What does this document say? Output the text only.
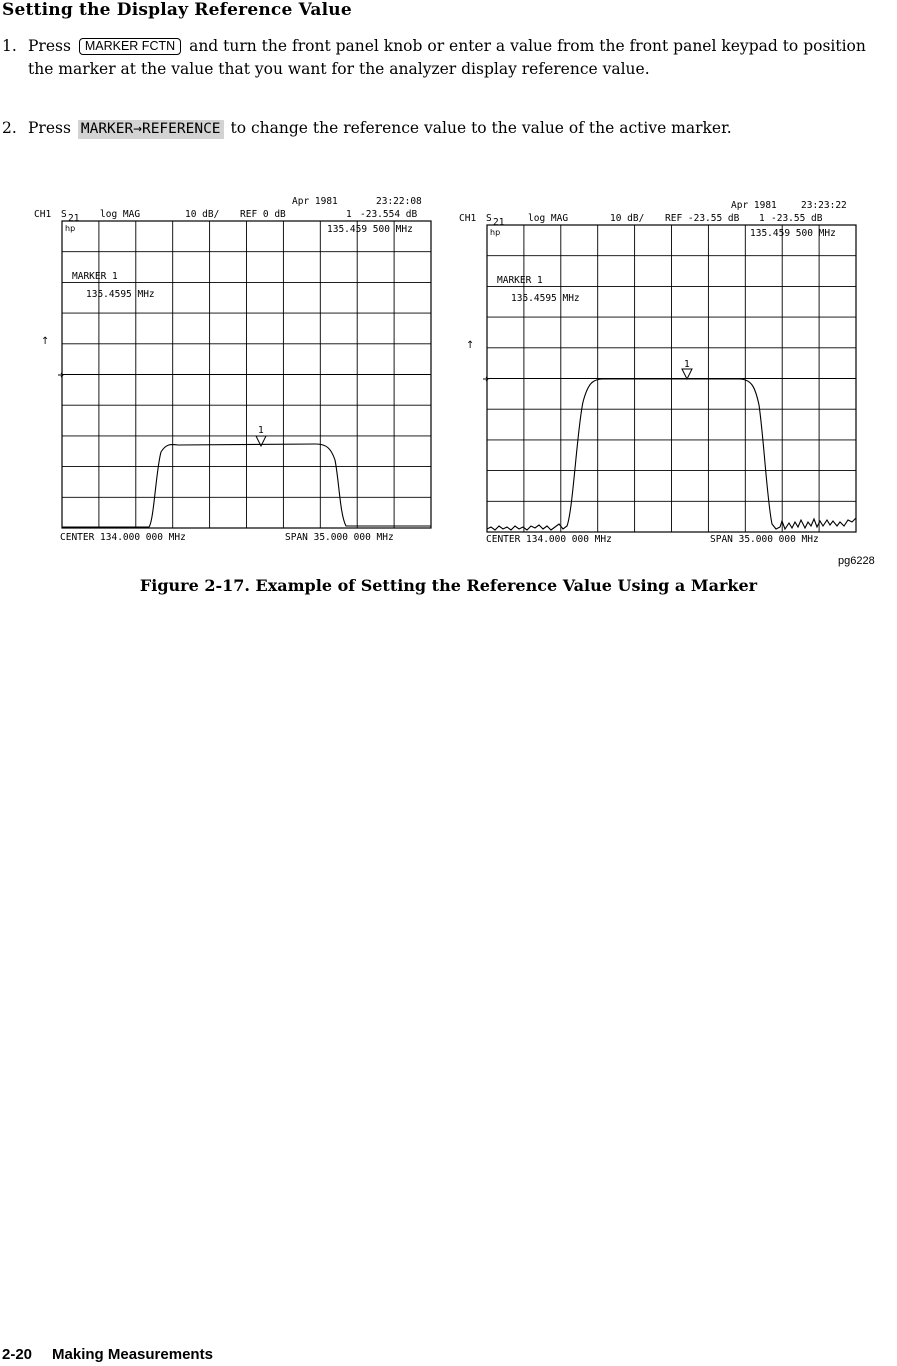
Setting the Display Reference Value
1. Press MARKER FCTN and turn the front panel knob or enter a value from the front panel keypad to position the marker at the value that you want for the analyzer display reference value.
2. Press MARKER→REFERENCE to change the reference value to the value of the active marker.
Apr 1981	23:22:08
CH1 S 21 log MAG	10 dB/ REF 0 dB	1 -23.554 dB
135.459 500 MHz
MARKER 1
135.4595 MHz
CENTER 134.000 000 MHz	SPAN 35.000 000 MHz
hp
↑
1
Apr 1981	23:23:22
CH1 S 21 log MAG	10 dB/ REF -23.55 dB 1 -23.55 dB
135.459 500 MHz
MARKER 1
135.4595 MHz
CENTER 134.000 000 MHz	SPAN 35.000 000 MHz
hp
↑
1
pg6228
Figure 2-17. Example of Setting the Reference Value Using a Marker
2-20 Making Measurements
